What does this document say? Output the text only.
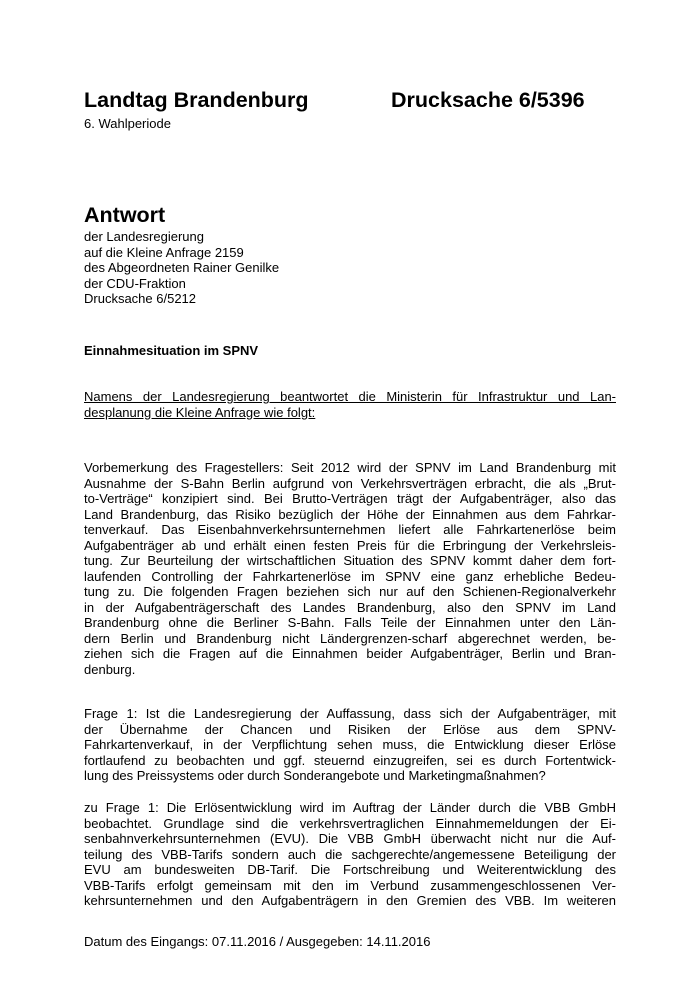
Landtag Brandenburg	Drucksache 6/5396
6. Wahlperiode
Antwort
der Landesregierung
auf die Kleine Anfrage 2159
des Abgeordneten Rainer Genilke
der CDU-Fraktion
Drucksache 6/5212
Einnahmesituation im SPNV
Namens der Landesregierung beantwortet die Ministerin für Infrastruktur und Lan-
desplanung die Kleine Anfrage wie folgt:
Vorbemerkung des Fragestellers: Seit 2012 wird der SPNV im Land Brandenburg mit
Ausnahme der S-Bahn Berlin aufgrund von Verkehrsverträgen erbracht, die als „Brut-
to-Verträge“ konzipiert sind. Bei Brutto-Verträgen trägt der Aufgabenträger, also das
Land Brandenburg, das Risiko bezüglich der Höhe der Einnahmen aus dem Fahrkar-
tenverkauf. Das Eisenbahnverkehrsunternehmen liefert alle Fahrkartenerlöse beim
Aufgabenträger ab und erhält einen festen Preis für die Erbringung der Verkehrsleis-
tung. Zur Beurteilung der wirtschaftlichen Situation des SPNV kommt daher dem fort-
laufenden Controlling der Fahrkartenerlöse im SPNV eine ganz erhebliche Bedeu-
tung zu. Die folgenden Fragen beziehen sich nur auf den Schienen-Regionalverkehr
in der Aufgabenträgerschaft des Landes Brandenburg, also den SPNV im Land
Brandenburg ohne die Berliner S-Bahn. Falls Teile der Einnahmen unter den Län-
dern Berlin und Brandenburg nicht Ländergrenzen-scharf abgerechnet werden, be-
ziehen sich die Fragen auf die Einnahmen beider Aufgabenträger, Berlin und Bran-
denburg.
Frage 1: Ist die Landesregierung der Auffassung, dass sich der Aufgabenträger, mit
der Übernahme der Chancen und Risiken der Erlöse aus dem SPNV-
Fahrkartenverkauf, in der Verpflichtung sehen muss, die Entwicklung dieser Erlöse
fortlaufend zu beobachten und ggf. steuernd einzugreifen, sei es durch Fortentwick-
lung des Preissystems oder durch Sonderangebote und Marketingmaßnahmen?
zu Frage 1: Die Erlösentwicklung wird im Auftrag der Länder durch die VBB GmbH
beobachtet. Grundlage sind die verkehrsvertraglichen Einnahmemeldungen der Ei-
senbahnverkehrsunternehmen (EVU). Die VBB GmbH überwacht nicht nur die Auf-
teilung des VBB-Tarifs sondern auch die sachgerechte/angemessene Beteiligung der
EVU am bundesweiten DB-Tarif. Die Fortschreibung und Weiterentwicklung des
VBB-Tarifs erfolgt gemeinsam mit den im Verbund zusammengeschlossenen Ver-
kehrsunternehmen und den Aufgabenträgern in den Gremien des VBB. Im weiteren
Datum des Eingangs: 07.11.2016 / Ausgegeben: 14.11.2016
